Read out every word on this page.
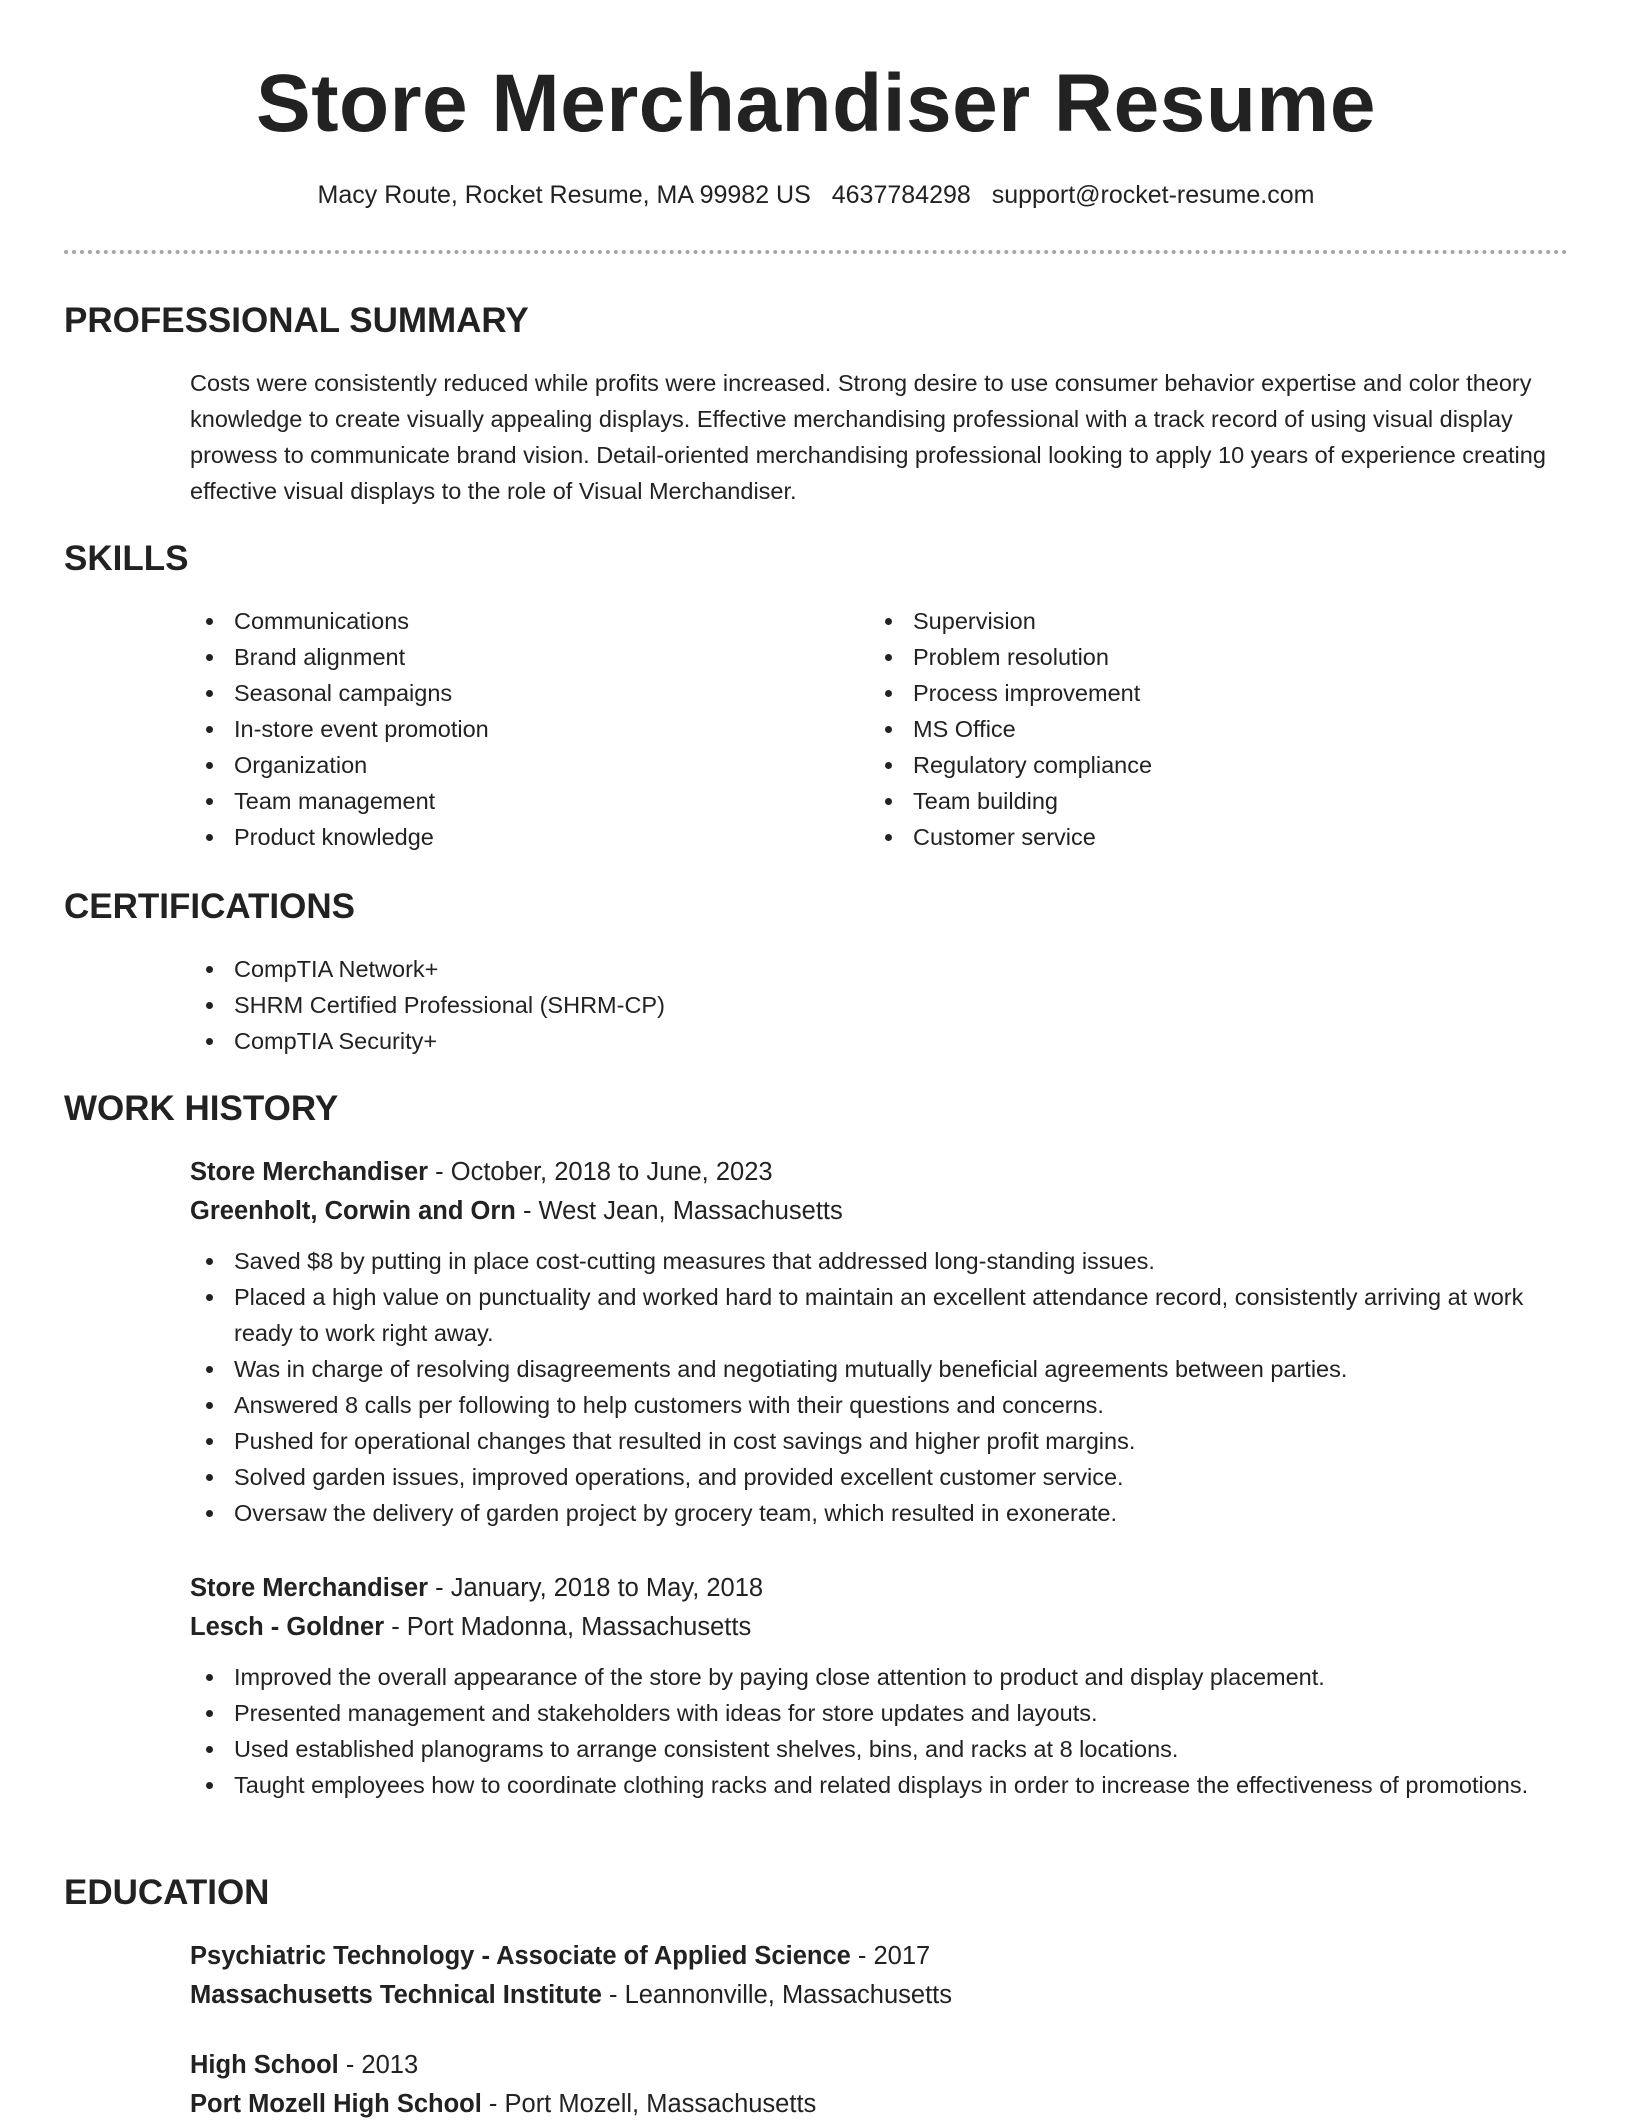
Store Merchandiser Resume
Macy Route, Rocket Resume, MA 99982 US 4637784298 support@rocket-resume.com
PROFESSIONAL SUMMARY

Costs were consistently reduced while profits were increased. Strong desire to use consumer behavior expertise and color theory knowledge to create visually appealing displays. Effective merchandising professional with a track record of using visual display prowess to communicate brand vision. Detail-oriented merchandising professional looking to apply 10 years of experience creating effective visual displays to the role of Visual Merchandiser.

SKILLS
Communications
Brand alignment
Seasonal campaigns
In-store event promotion
Organization
Team management
Product knowledge
Supervision
Problem resolution
Process improvement
MS Office
Regulatory compliance
Team building
Customer service
CERTIFICATIONS
CompTIA Network+
SHRM Certified Professional (SHRM-CP)
CompTIA Security+
WORK HISTORY
Store Merchandiser - October, 2018 to June, 2023
Greenholt, Corwin and Orn - West Jean, Massachusetts
Saved $8 by putting in place cost-cutting measures that addressed long-standing issues.
Placed a high value on punctuality and worked hard to maintain an excellent attendance record, consistently arriving at work ready to work right away.
Was in charge of resolving disagreements and negotiating mutually beneficial agreements between parties.
Answered 8 calls per following to help customers with their questions and concerns.
Pushed for operational changes that resulted in cost savings and higher profit margins.
Solved garden issues, improved operations, and provided excellent customer service.
Oversaw the delivery of garden project by grocery team, which resulted in exonerate.
Store Merchandiser - January, 2018 to May, 2018
Lesch - Goldner - Port Madonna, Massachusetts
Improved the overall appearance of the store by paying close attention to product and display placement.
Presented management and stakeholders with ideas for store updates and layouts.
Used established planograms to arrange consistent shelves, bins, and racks at 8 locations.
Taught employees how to coordinate clothing racks and related displays in order to increase the effectiveness of promotions.
EDUCATION
Psychiatric Technology - Associate of Applied Science - 2017
Massachusetts Technical Institute - Leannonville, Massachusetts
High School - 2013
Port Mozell High School - Port Mozell, Massachusetts
